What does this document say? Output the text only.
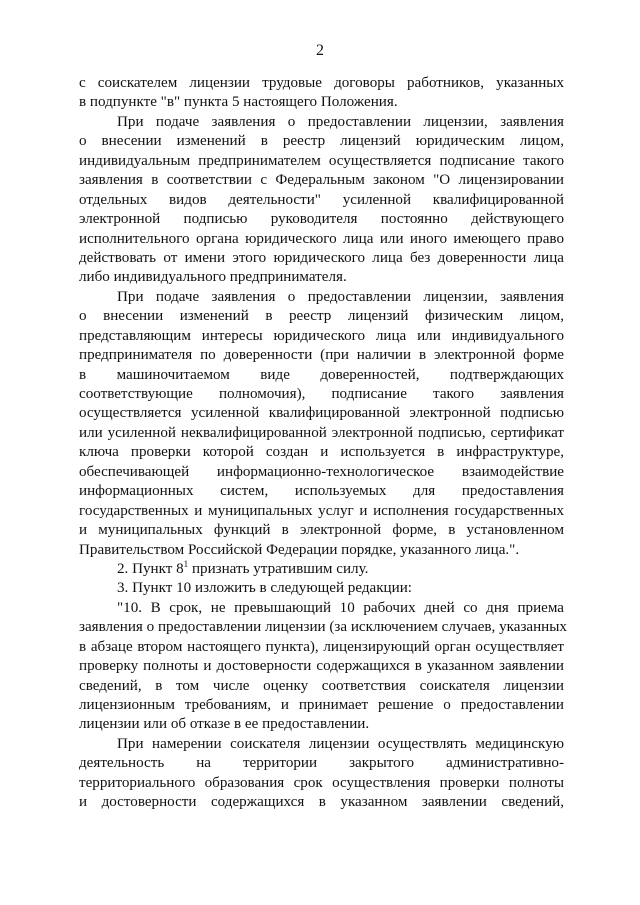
2
с соискателем лицензии трудовые договоры работников, указанных
в подпункте "в" пункта 5 настоящего Положения.
При подаче заявления о предоставлении лицензии, заявления
о внесении изменений в реестр лицензий юридическим лицом,
индивидуальным предпринимателем осуществляется подписание такого
заявления в соответствии с Федеральным законом "О лицензировании
отдельных видов деятельности" усиленной квалифицированной
электронной подписью руководителя постоянно действующего
исполнительного органа юридического лица или иного имеющего право
действовать от имени этого юридического лица без доверенности лица
либо индивидуального предпринимателя.
При подаче заявления о предоставлении лицензии, заявления
о внесении изменений в реестр лицензий физическим лицом,
представляющим интересы юридического лица или индивидуального
предпринимателя по доверенности (при наличии в электронной форме
в машиночитаемом виде доверенностей, подтверждающих
соответствующие полномочия), подписание такого заявления
осуществляется усиленной квалифицированной электронной подписью
или усиленной неквалифицированной электронной подписью, сертификат
ключа проверки которой создан и используется в инфраструктуре,
обеспечивающей информационно-технологическое взаимодействие
информационных систем, используемых для предоставления
государственных и муниципальных услуг и исполнения государственных
и муниципальных функций в электронной форме, в установленном
Правительством Российской Федерации порядке, указанного лица.".
2. Пункт $8^1$ признать утратившим силу.
3. Пункт 10 изложить в следующей редакции:
"10. В срок, не превышающий 10 рабочих дней со дня приема
заявления о предоставлении лицензии (за исключением случаев, указанных
в абзаце втором настоящего пункта), лицензирующий орган осуществляет
проверку полноты и достоверности содержащихся в указанном заявлении
сведений, в том числе оценку соответствия соискателя лицензии
лицензионным требованиям, и принимает решение о предоставлении
лицензии или об отказе в ее предоставлении.
При намерении соискателя лицензии осуществлять медицинскую
деятельность на территории закрытого административно-
территориального образования срок осуществления проверки полноты
и достоверности содержащихся в указанном заявлении сведений,
